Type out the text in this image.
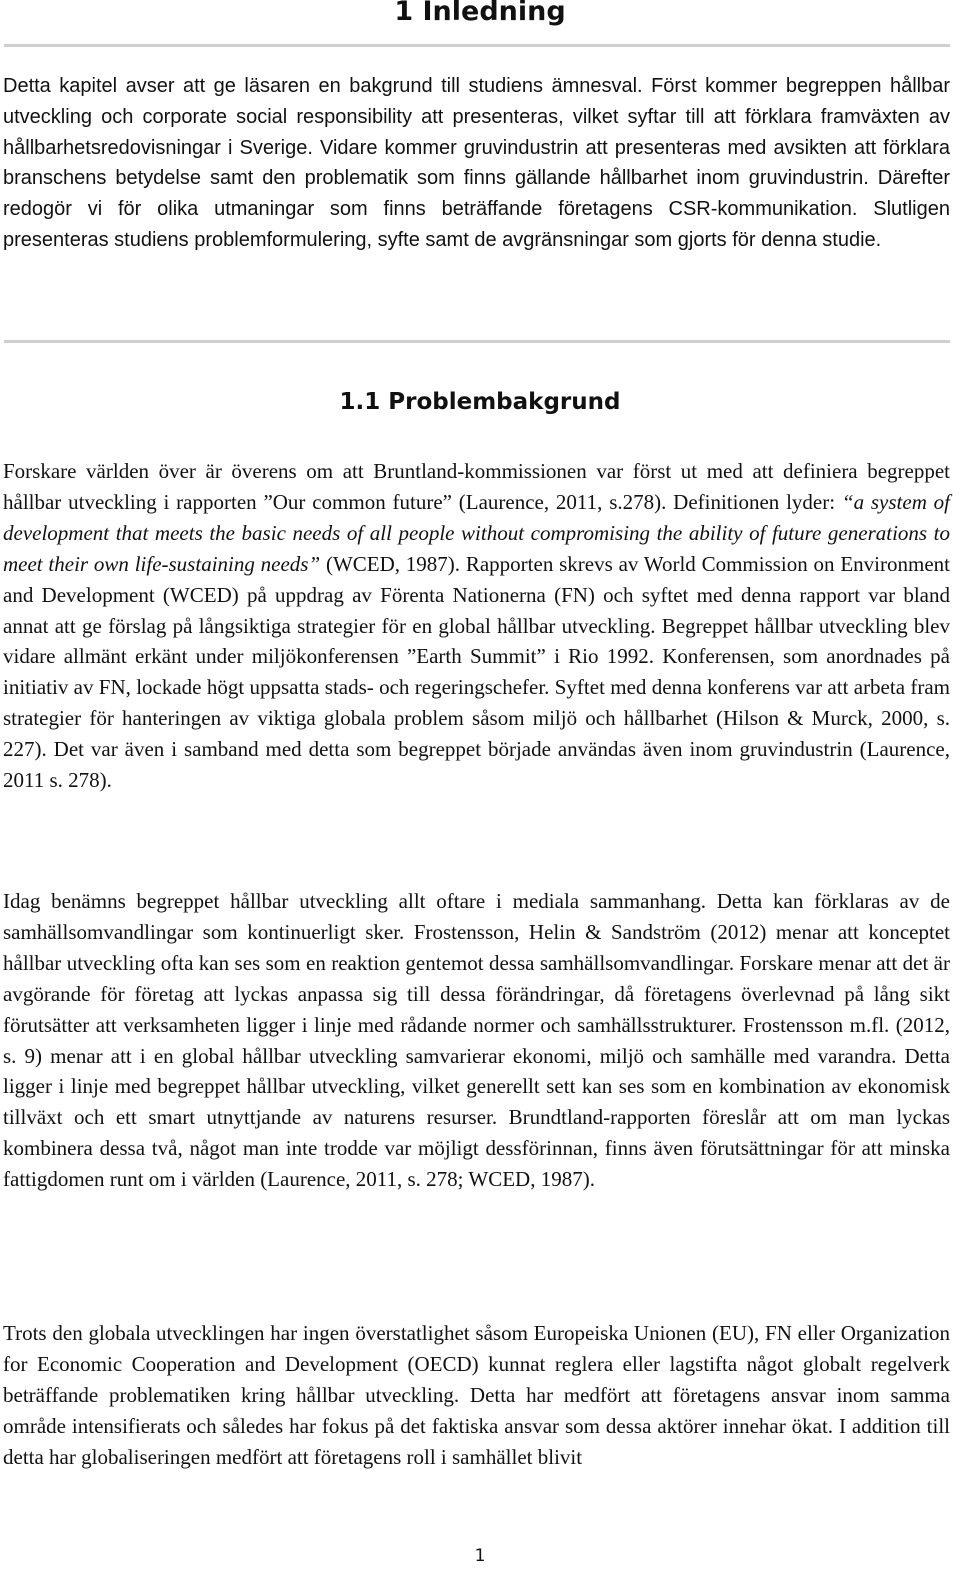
1 Inledning

Detta kapitel avser att ge läsaren en bakgrund till studiens ämnesval. Först kommer begreppen hållbar utveckling och corporate social responsibility att presenteras, vilket syftar till att förklara framväxten av hållbarhetsredovisningar i Sverige. Vidare kommer gruvindustrin att presenteras med avsikten att förklara branschens betydelse samt den problematik som finns gällande hållbarhet inom gruvindustrin. Därefter redogör vi för olika utmaningar som finns beträffande företagens CSR-kommunikation. Slutligen presenteras studiens problemformulering, syfte samt de avgränsningar som gjorts för denna studie.

1.1 Problembakgrund

Forskare världen över är överens om att Bruntland-kommissionen var först ut med att definiera begreppet hållbar utveckling i rapporten ”Our common future” (Laurence, 2011, s.278). Definitionen lyder: “a system of development that meets the basic needs of all people without compromising the ability of future generations to meet their own life-sustaining needs” (WCED, 1987). Rapporten skrevs av World Commission on Environment and Development (WCED) på uppdrag av Förenta Nationerna (FN) och syftet med denna rapport var bland annat att ge förslag på långsiktiga strategier för en global hållbar utveckling. Begreppet hållbar utveckling blev vidare allmänt erkänt under miljökonferensen ”Earth Summit” i Rio 1992. Konferensen, som anordnades på initiativ av FN, lockade högt uppsatta stads- och regeringschefer. Syftet med denna konferens var att arbeta fram strategier för hanteringen av viktiga globala problem såsom miljö och hållbarhet (Hilson & Murck, 2000, s. 227). Det var även i samband med detta som begreppet började användas även inom gruvindustrin (Laurence, 2011 s. 278).

Idag benämns begreppet hållbar utveckling allt oftare i mediala sammanhang. Detta kan förklaras av de samhällsomvandlingar som kontinuerligt sker. Frostensson, Helin & Sandström (2012) menar att konceptet hållbar utveckling ofta kan ses som en reaktion gentemot dessa samhällsomvandlingar. Forskare menar att det är avgörande för företag att lyckas anpassa sig till dessa förändringar, då företagens överlevnad på lång sikt förutsätter att verksamheten ligger i linje med rådande normer och samhällsstrukturer. Frostensson m.fl. (2012, s. 9) menar att i en global hållbar utveckling samvarierar ekonomi, miljö och samhälle med varandra. Detta ligger i linje med begreppet hållbar utveckling, vilket generellt sett kan ses som en kombination av ekonomisk tillväxt och ett smart utnyttjande av naturens resurser. Brundtland-rapporten föreslår att om man lyckas kombinera dessa två, något man inte trodde var möjligt dessförinnan, finns även förutsättningar för att minska fattigdomen runt om i världen (Laurence, 2011, s. 278; WCED, 1987).

Trots den globala utvecklingen har ingen överstatlighet såsom Europeiska Unionen (EU), FN eller Organization for Economic Cooperation and Development (OECD) kunnat reglera eller lagstifta något globalt regelverk beträffande problematiken kring hållbar utveckling. Detta har medfört att företagens ansvar inom samma område intensifierats och således har fokus på det faktiska ansvar som dessa aktörer innehar ökat. I addition till detta har globaliseringen medfört att företagens roll i samhället blivit

1
